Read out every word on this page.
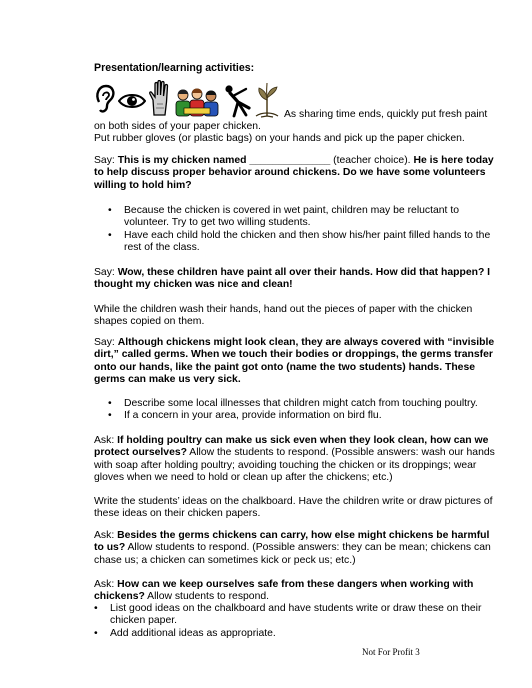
Presentation/learning activities:
As sharing time ends, quickly put fresh paint
on both sides of your paper chicken.
Put rubber gloves (or plastic bags) on your hands and pick up the paper chicken.

Say: This is my chicken named ______________ (teacher choice). He is here today to help discuss proper behavior around chickens. Do we have some volunteers willing to hold him?

• Because the chicken is covered in wet paint, children may be reluctant to volunteer. Try to get two willing students.
• Have each child hold the chicken and then show his/her paint filled hands to the rest of the class.

Say: Wow, these children have paint all over their hands. How did that happen? I thought my chicken was nice and clean!

While the children wash their hands, hand out the pieces of paper with the chicken shapes copied on them.

Say: Although chickens might look clean, they are always covered with “invisible dirt,” called germs. When we touch their bodies or droppings, the germs transfer onto our hands, like the paint got onto (name the two students) hands. These germs can make us very sick.

• Describe some local illnesses that children might catch from touching poultry.
• If a concern in your area, provide information on bird flu.

Ask: If holding poultry can make us sick even when they look clean, how can we protect ourselves? Allow the students to respond. (Possible answers: wash our hands with soap after holding poultry; avoiding touching the chicken or its droppings; wear gloves when we need to hold or clean up after the chickens; etc.)

Write the students’ ideas on the chalkboard. Have the children write or draw pictures of these ideas on their chicken papers.

Ask: Besides the germs chickens can carry, how else might chickens be harmful to us? Allow students to respond. (Possible answers: they can be mean; chickens can chase us; a chicken can sometimes kick or peck us; etc.)

Ask: How can we keep ourselves safe from these dangers when working with chickens? Allow students to respond.

• List good ideas on the chalkboard and have students write or draw these on their chicken paper.
• Add additional ideas as appropriate.
Not For Profit 3
